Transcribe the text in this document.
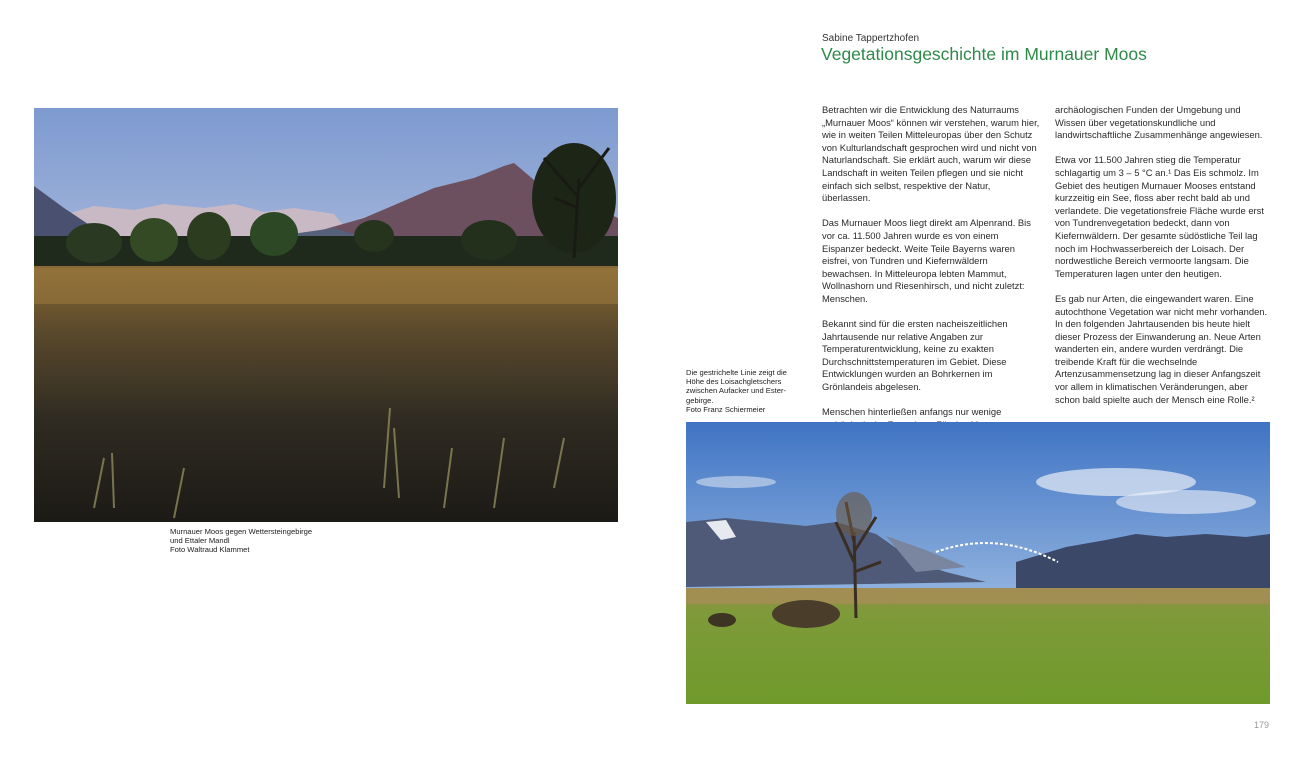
Murnauer Moos gegen Wettersteingebirge
und Ettaler Mandl
Foto Waltraud Klammet
Sabine Tappertzhofen
Vegetationsgeschichte im Murnauer Moos

Betrachten wir die Entwicklung des Naturraums „Murnauer Moos“ können wir verstehen, warum hier, wie in weiten Teilen Mitteleuropas über den Schutz von Kulturlandschaft gesprochen wird und nicht von Naturlandschaft. Sie erklärt auch, warum wir diese Landschaft in weiten Teilen pflegen und sie nicht einfach sich selbst, respektive der Natur, überlassen.

Das Murnauer Moos liegt direkt am Alpenrand. Bis vor ca. 11.500 Jahren wurde es von einem Eispanzer bedeckt. Weite Teile Bayerns waren eisfrei, von Tundren und Kiefernwäldern bewachsen. In Mitteleuropa lebten Mammut, Wollnashorn und Riesenhirsch, und nicht zuletzt: Menschen.

Bekannt sind für die ersten nacheiszeitlichen Jahrtausende nur relative Angaben zur Temperaturentwicklung, keine zu exakten Durchschnittstemperaturen im Gebiet. Diese Entwicklungen wurden an Bohrkernen im Grönlandeis abgelesen.

Menschen hinterließen anfangs nur wenige

archäologischen Funden der Umgebung und Wissen über vegetationskundliche und landwirtschaftliche Zusammenhänge angewiesen.

Etwa vor 11.500 Jahren stieg die Temperatur schlagartig um 3 – 5 °C an.¹ Das Eis schmolz. Im Gebiet des heutigen Murnauer Mooses entstand kurzzeitig ein See, floss aber recht bald ab und verlandete. Die vegetationsfreie Fläche wurde erst von Tundrenvegetation bedeckt, dann von Kiefernwäldern. Der gesamte südöstliche Teil lag noch im Hochwasserbereich der Loisach. Der nordwestliche Bereich vermoorte langsam. Die Temperaturen lagen unter den heutigen.

Es gab nur Arten, die eingewandert waren. Eine autochthone Vegetation war nicht mehr vorhanden. In den folgenden Jahrtausenden bis heute hielt dieser Prozess der Einwanderung an. Neue Arten wanderten ein, andere wurden verdrängt. Die treibende Kraft für die wechselnde Artenzusammensetzung lag in dieser Anfangszeit vor allem in klimatischen Veränderungen, aber schon bald spielte auch der Mensch eine Rolle.²

Die gestrichelte Linie zeigt die
Höhe des Loisachgletschers
zwischen Aufacker und Ester-
gebirge.
Foto Franz Schiermeier
179
